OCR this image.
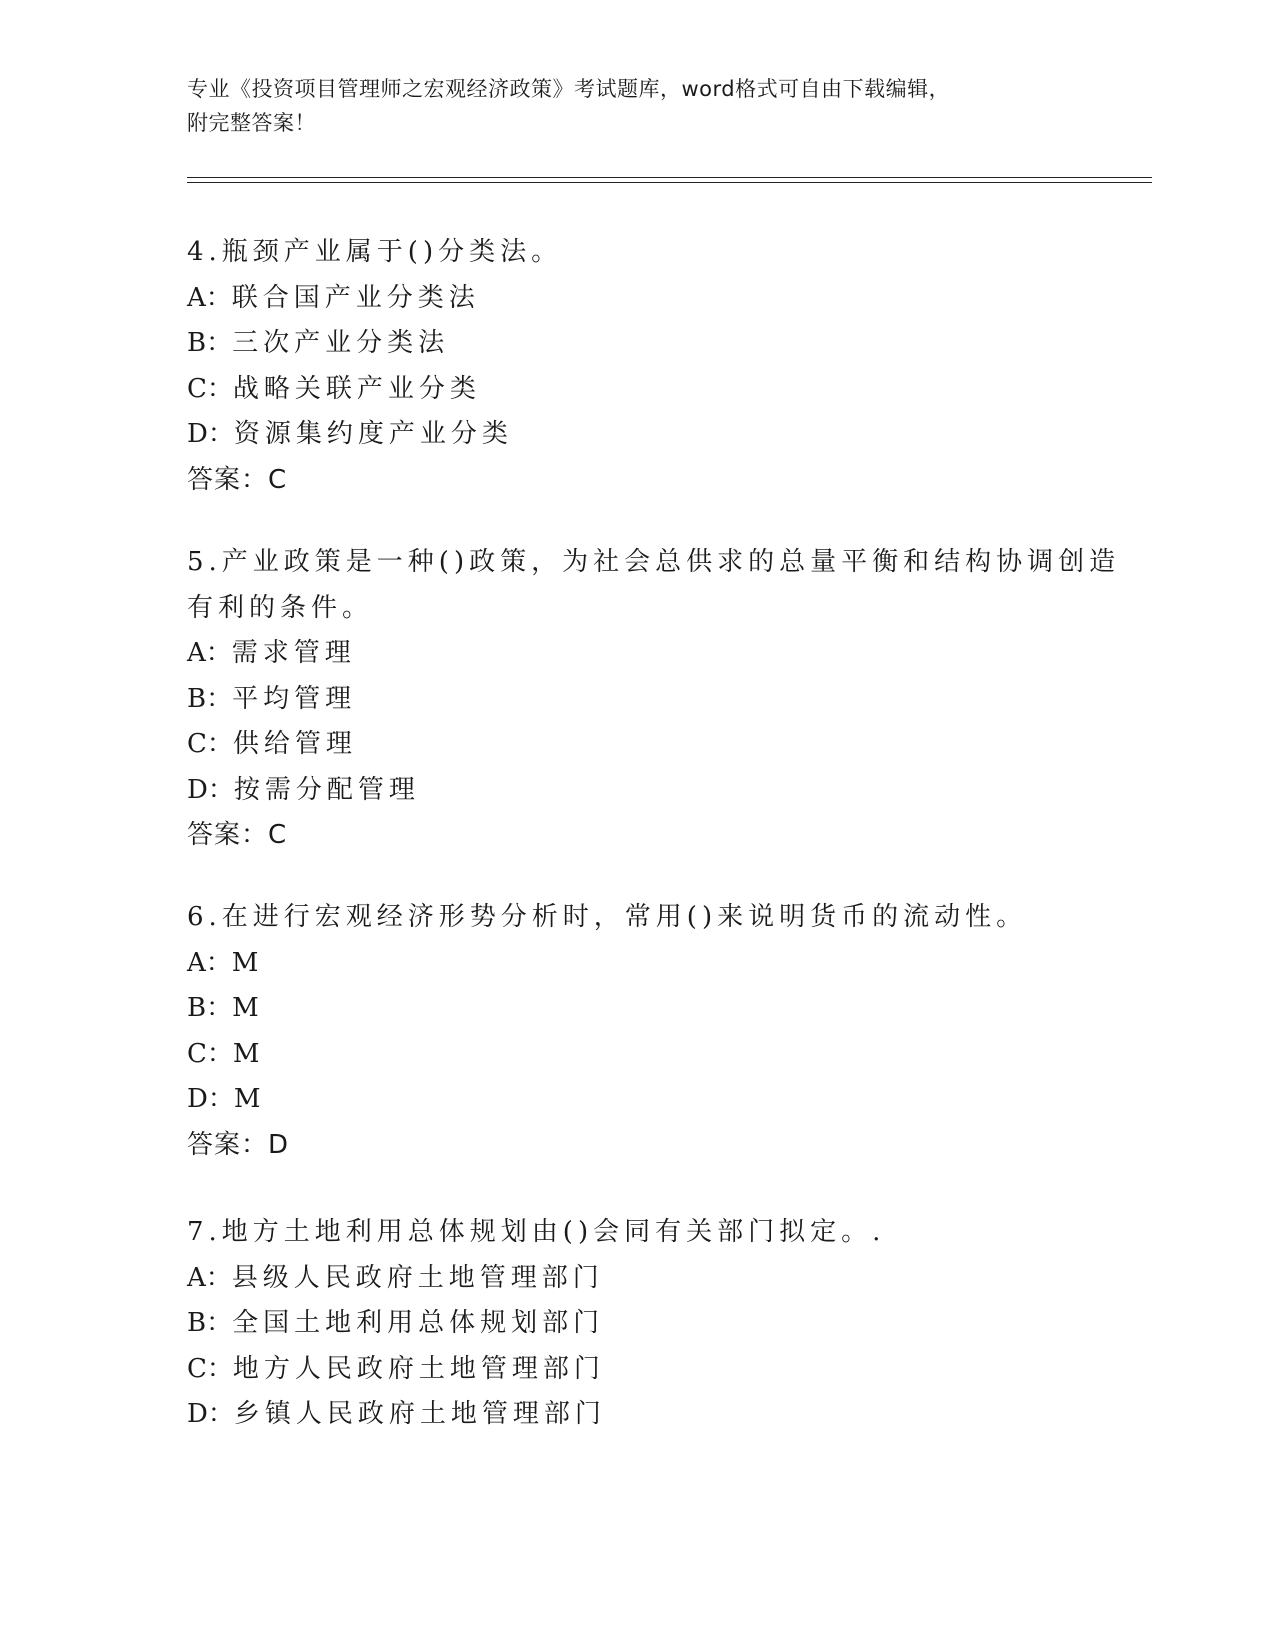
专业《投资项目管理师之宏观经济政策》考试题库，word格式可自由下载编辑，
附完整答案！
4.瓶颈产业属于()分类法。
A：联合国产业分类法
B：三次产业分类法
C：战略关联产业分类
D：资源集约度产业分类
答案：C
5.产业政策是一种()政策，为社会总供求的总量平衡和结构协调创造
有利的条件。
A：需求管理
B：平均管理
C：供给管理
D：按需分配管理
答案：C
6.在进行宏观经济形势分析时，常用()来说明货币的流动性。
A：M
B：M
C：M
D：M
答案：D
7.地方土地利用总体规划由()会同有关部门拟定。.
A：县级人民政府土地管理部门
B：全国土地利用总体规划部门
C：地方人民政府土地管理部门
D：乡镇人民政府土地管理部门
